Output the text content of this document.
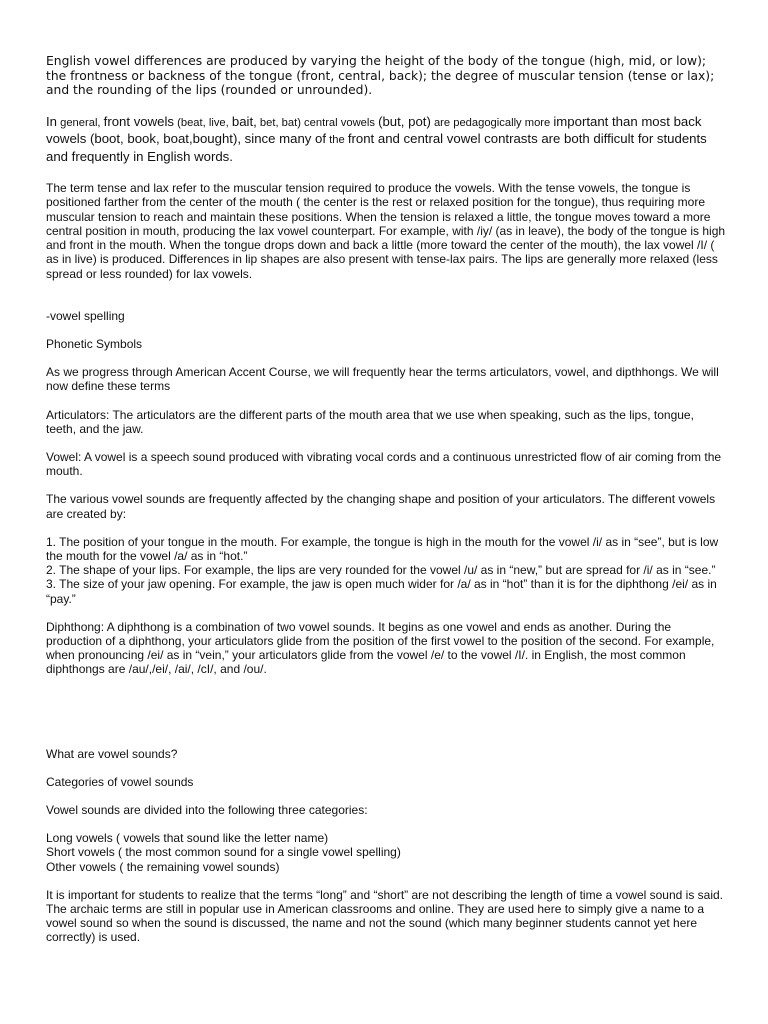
English vowel differences are produced by varying the height of the body of the tongue (high, mid, or low); the frontness or backness of the tongue (front, central, back); the degree of muscular tension (tense or lax); and the rounding of the lips (rounded or unrounded).

In general, front vowels (beat, live, bait, bet, bat) central vowels (but, pot) are pedagogically more important than most back vowels (boot, book, boat,bought), since many of the front and central vowel contrasts are both difficult for students and frequently in English words.

The term tense and lax refer to the muscular tension required to produce the vowels. With the tense vowels, the tongue is positioned farther from the center of the mouth ( the center is the rest or relaxed position for the tongue), thus requiring more muscular tension to reach and maintain these positions. When the tension is relaxed a little, the tongue moves toward a more central position in mouth, producing the lax vowel counterpart. For example, with /iy/ (as in leave), the body of the tongue is high and front in the mouth. When the tongue drops down and back a little (more toward the center of the mouth), the lax vowel /I/ ( as in live) is produced. Differences in lip shapes are also present with tense-lax pairs. The lips are generally more relaxed (less spread or less rounded) for lax vowels.

-vowel spelling

Phonetic Symbols

As we progress through American Accent Course, we will frequently hear the terms articulators, vowel, and dipthhongs. We will now define these terms

Articulators: The articulators are the different parts of the mouth area that we use when speaking, such as the lips, tongue, teeth, and the jaw.

Vowel: A vowel is a speech sound produced with vibrating vocal cords and a continuous unrestricted flow of air coming from the mouth.

The various vowel sounds are frequently affected by the changing shape and position of your articulators. The different vowels are created by:

1. The position of your tongue in the mouth. For example, the tongue is high in the mouth for the vowel /i/ as in “see”, but is low the mouth for the vowel /a/ as in “hot.”

2. The shape of your lips. For example, the lips are very rounded for the vowel /u/ as in “new,” but are spread for /i/ as in “see.”

3. The size of your jaw opening. For example, the jaw is open much wider for /a/ as in “hot” than it is for the diphthong /ei/ as in “pay.”

Diphthong: A diphthong is a combination of two vowel sounds. It begins as one vowel and ends as another. During the production of a diphthong, your articulators glide from the position of the first vowel to the position of the second. For example, when pronouncing /ei/ as in “vein,” your articulators glide from the vowel /e/ to the vowel /I/. in English, the most common diphthongs are /au/,/ei/, /ai/, /cI/, and /ou/.

What are vowel sounds?

Categories of vowel sounds

Vowel sounds are divided into the following three categories:

Long vowels ( vowels that sound like the letter name)

Short vowels ( the most common sound for a single vowel spelling)

Other vowels ( the remaining vowel sounds)

It is important for students to realize that the terms “long” and “short” are not describing the length of time a vowel sound is said. The archaic terms are still in popular use in American classrooms and online. They are used here to simply give a name to a vowel sound so when the sound is discussed, the name and not the sound (which many beginner students cannot yet here correctly) is used.
